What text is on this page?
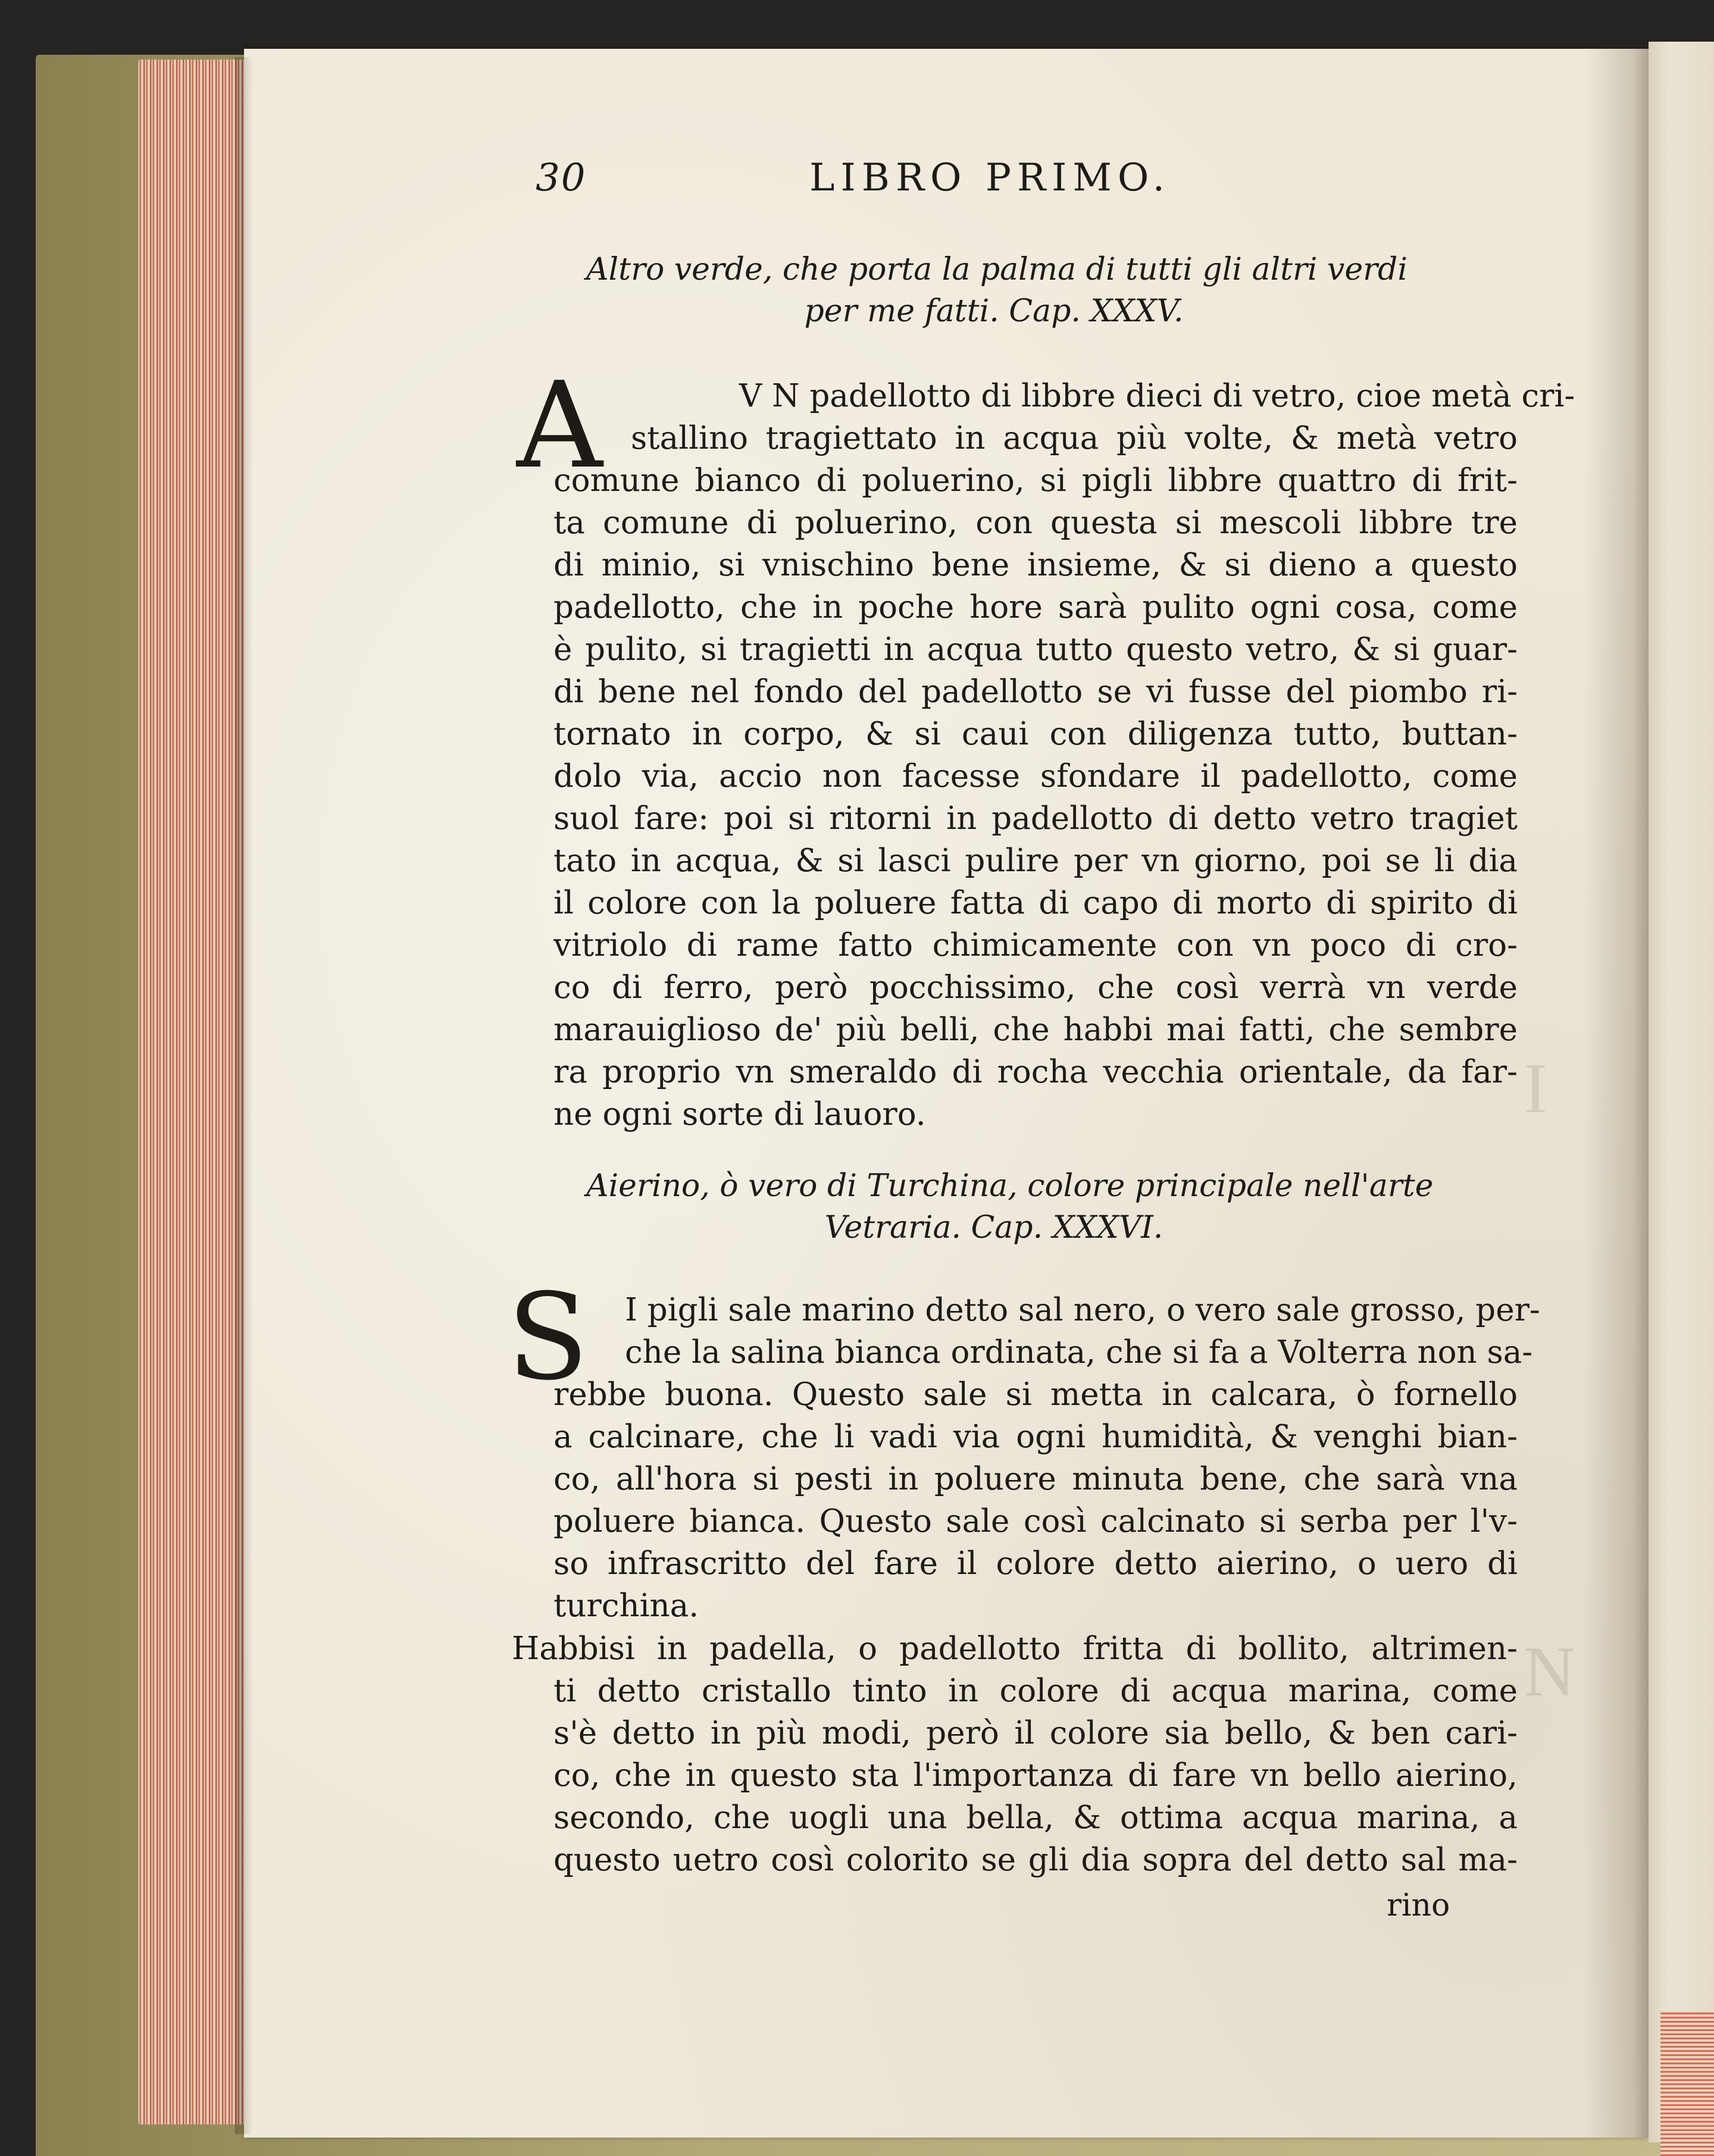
I
N
30	LIBRO PRIMO.
Altro verde, che porta la palma di tutti gli altri verdi
per me fatti. Cap. XXXV.
A	V N padellotto di libbre dieci di vetro, cioe metà cri-
stallino tragiettato in acqua più volte, & metà vetro
comune bianco di poluerino, si pigli libbre quattro di frit-
ta comune di poluerino, con questa si mescoli libbre tre
di minio, si vnischino bene insieme, & si dieno a questo
padellotto, che in poche hore sarà pulito ogni cosa, come
è pulito, si tragietti in acqua tutto questo vetro, & si guar-
di bene nel fondo del padellotto se vi fusse del piombo ri-
tornato in corpo, & si caui con diligenza tutto, buttan-
dolo via, accio non facesse sfondare il padellotto, come
suol fare: poi si ritorni in padellotto di detto vetro tragiet
tato in acqua, & si lasci pulire per vn giorno, poi se li dia
il colore con la poluere fatta di capo di morto di spirito di
vitriolo di rame fatto chimicamente con vn poco di cro-
co di ferro, però pocchissimo, che così verrà vn verde
marauiglioso de' più belli, che habbi mai fatti, che sembre
ra proprio vn smeraldo di rocha vecchia orientale, da far-
ne ogni sorte di lauoro.
Aierino, ò vero di Turchina, colore principale nell'arte
Vetraria. Cap. XXXVI.
S I pigli sale marino detto sal nero, o vero sale grosso, per-
che la salina bianca ordinata, che si fa a Volterra non sa-
rebbe buona. Questo sale si metta in calcara, ò fornello
a calcinare, che li vadi via ogni humidità, & venghi bian-
co, all'hora si pesti in poluere minuta bene, che sarà vna
poluere bianca. Questo sale così calcinato si serba per l'v-
so infrascritto del fare il colore detto aierino, o uero di
turchina.
Habbisi in padella, o padellotto fritta di bollito, altrimen-
ti detto cristallo tinto in colore di acqua marina, come
s'è detto in più modi, però il colore sia bello, & ben cari-
co, che in questo sta l'importanza di fare vn bello aierino,
secondo, che uogli una bella, & ottima acqua marina, a
questo uetro così colorito se gli dia sopra del detto sal ma-
rino
